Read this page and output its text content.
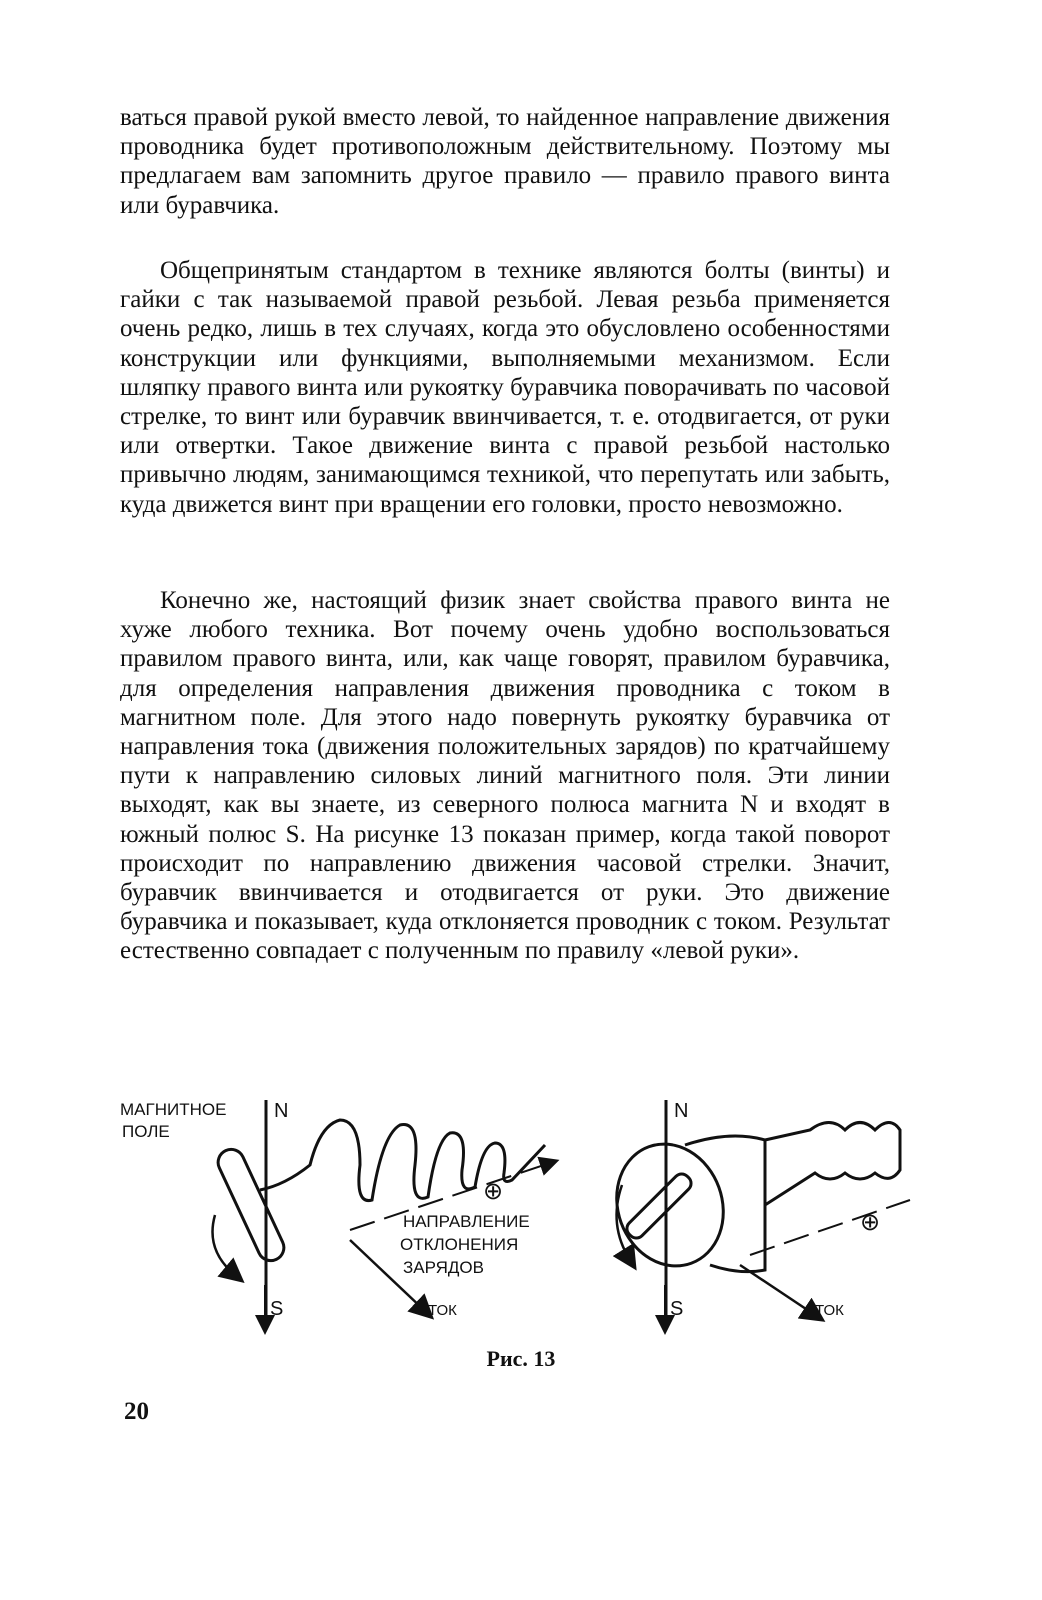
ваться правой рукой вместо левой, то найденное направление движения проводника будет противоположным действительному. Поэтому мы предлагаем вам запомнить другое правило — правило правого винта или буравчика.

Общепринятым стандартом в технике являются болты (винты) и гайки с так называемой правой резьбой. Левая резьба применяется очень редко, лишь в тех случаях, когда это обусловлено особенностями конструкции или функциями, выполняемыми механизмом. Если шляпку правого винта или рукоятку буравчика поворачивать по часовой стрелке, то винт или буравчик ввинчивается, т. е. отодвигается, от руки или отвертки. Такое движение винта с правой резьбой настолько привычно людям, занимающимся техникой, что перепутать или забыть, куда движется винт при вращении его головки, просто невозможно.

Конечно же, настоящий физик знает свойства правого винта не хуже любого техника. Вот почему очень удобно воспользоваться правилом правого винта, или, как чаще говорят, правилом буравчика, для определения направления движения проводника с током в магнитном поле. Для этого надо повернуть рукоятку буравчика от направления тока (движения положительных зарядов) по кратчайшему пути к направлению силовых линий магнитного поля. Эти линии выходят, как вы знаете, из северного полюса магнита N и входят в южный полюс S. На рисунке 13 показан пример, когда такой поворот происходит по направлению движения часовой стрелки. Значит, буравчик ввинчивается и отодвигается от руки. Это движение буравчика и показывает, куда отклоняется проводник с током. Результат естественно совпадает с полученным по правилу «левой руки».

МАГНИТНОЕ
ПОЛЕ
N
S
⊕
НАПРАВЛЕНИЕ
ОТКЛОНЕНИЯ
ЗАРЯДОВ
ТОК
N
S
⊕
ТОК
Рис. 13
20
